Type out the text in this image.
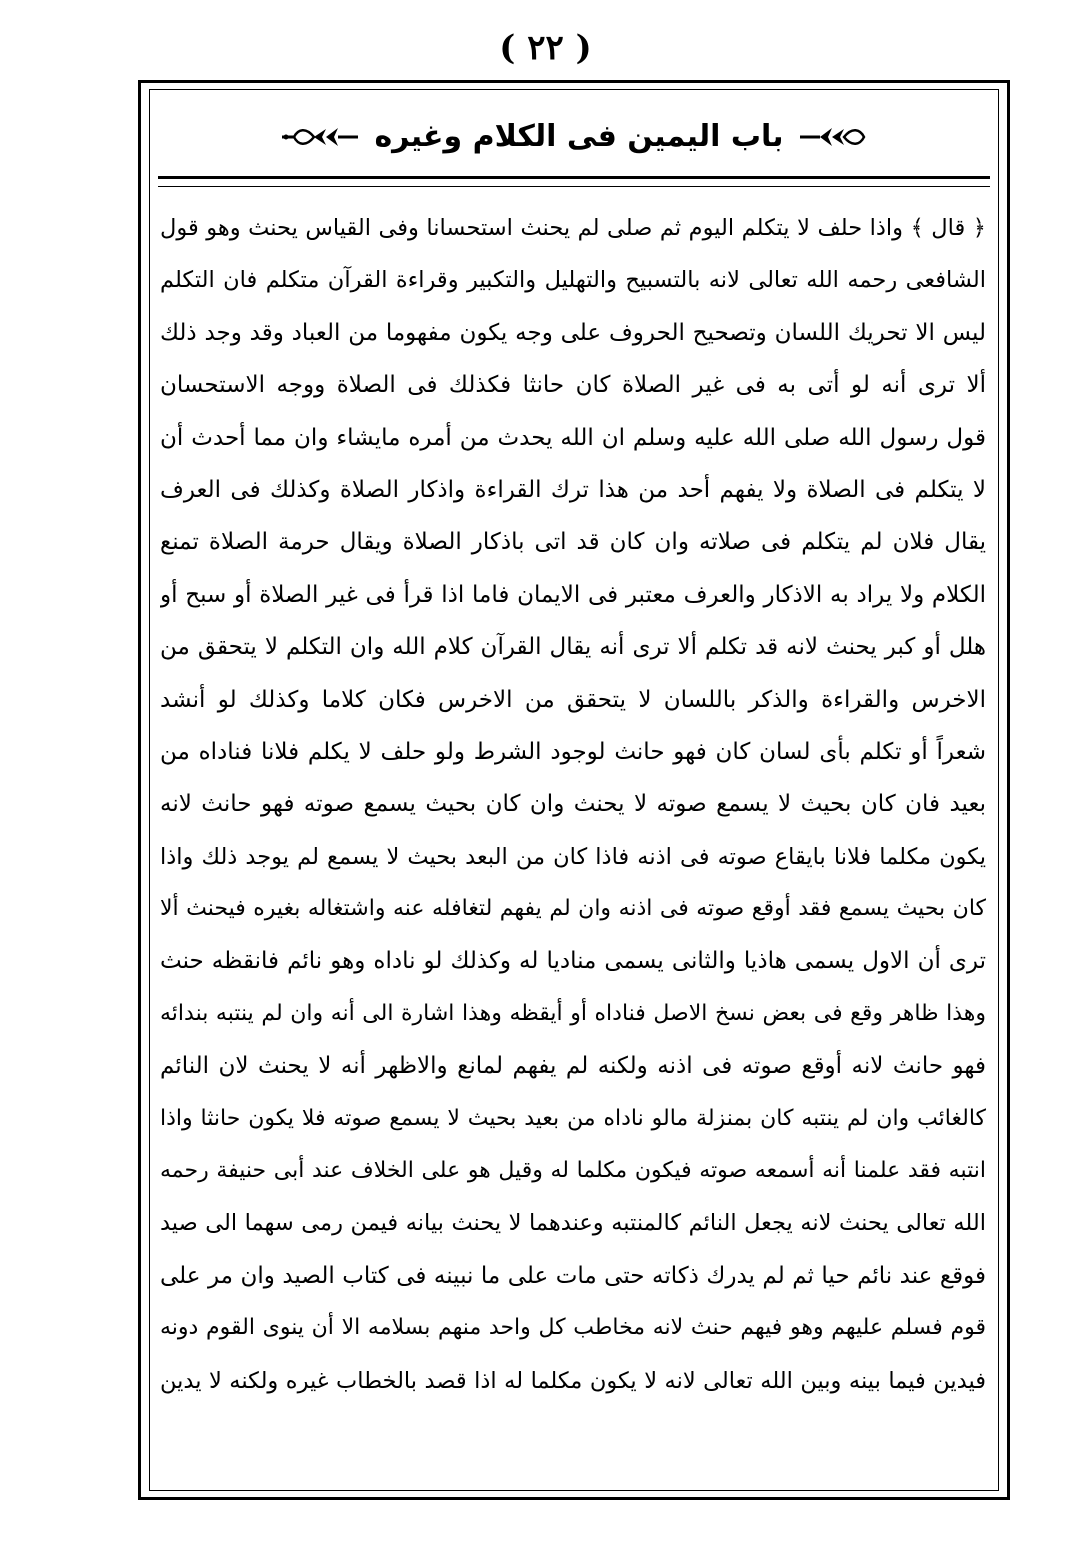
( ٢٢ )
باب اليمين فى الكلام وغيره
﴿ قال ﴾ واذا حلف لا يتكلم اليوم ثم صلى لم يحنث استحسانا وفى القياس يحنث وهو قول
الشافعى رحمه الله تعالى لانه بالتسبيح والتهليل والتكبير وقراءة القرآن متكلم فان التكلم
ليس الا تحريك اللسان وتصحيح الحروف على وجه يكون مفهوما من العباد وقد وجد ذلك
ألا ترى أنه لو أتى به فى غير الصلاة كان حانثا فكذلك فى الصلاة ووجه الاستحسان
قول رسول الله صلى الله عليه وسلم ان الله يحدث من أمره مايشاء وان مما أحدث أن
لا يتكلم فى الصلاة ولا يفهم أحد من هذا ترك القراءة واذكار الصلاة وكذلك فى العرف
يقال فلان لم يتكلم فى صلاته وان كان قد اتى باذكار الصلاة ويقال حرمة الصلاة تمنع
الكلام ولا يراد به الاذكار والعرف معتبر فى الايمان فاما اذا قرأ فى غير الصلاة أو سبح أو
هلل أو كبر يحنث لانه قد تكلم ألا ترى أنه يقال القرآن كلام الله وان التكلم لا يتحقق من
الاخرس والقراءة والذكر باللسان لا يتحقق من الاخرس فكان كلاما وكذلك لو أنشد
شعراً أو تكلم بأى لسان كان فهو حانث لوجود الشرط ولو حلف لا يكلم فلانا فناداه من
بعيد فان كان بحيث لا يسمع صوته لا يحنث وان كان بحيث يسمع صوته فهو حانث لانه
يكون مكلما فلانا بايقاع صوته فى اذنه فاذا كان من البعد بحيث لا يسمع لم يوجد ذلك واذا
كان بحيث يسمع فقد أوقع صوته فى اذنه وان لم يفهم لتغافله عنه واشتغاله بغيره فيحنث ألا
ترى أن الاول يسمى هاذيا والثانى يسمى مناديا له وكذلك لو ناداه وهو نائم فانقظه حنث
وهذا ظاهر وقع فى بعض نسخ الاصل فناداه أو أيقظه وهذا اشارة الى أنه وان لم ينتبه بندائه
فهو حانث لانه أوقع صوته فى اذنه ولكنه لم يفهم لمانع والاظهر أنه لا يحنث لان النائم
كالغائب وان لم ينتبه كان بمنزلة مالو ناداه من بعيد بحيث لا يسمع صوته فلا يكون حانثا واذا
انتبه فقد علمنا أنه أسمعه صوته فيكون مكلما له وقيل هو على الخلاف عند أبى حنيفة رحمه
الله تعالى يحنث لانه يجعل النائم كالمنتبه وعندهما لا يحنث بيانه فيمن رمى سهما الى صيد
فوقع عند نائم حيا ثم لم يدرك ذكاته حتى مات على ما نبينه فى كتاب الصيد وان مر على
قوم فسلم عليهم وهو فيهم حنث لانه مخاطب كل واحد منهم بسلامه الا أن ينوى القوم دونه
فيدين فيما بينه وبين الله تعالى لانه لا يكون مكلما له اذا قصد بالخطاب غيره ولكنه لا يدين
